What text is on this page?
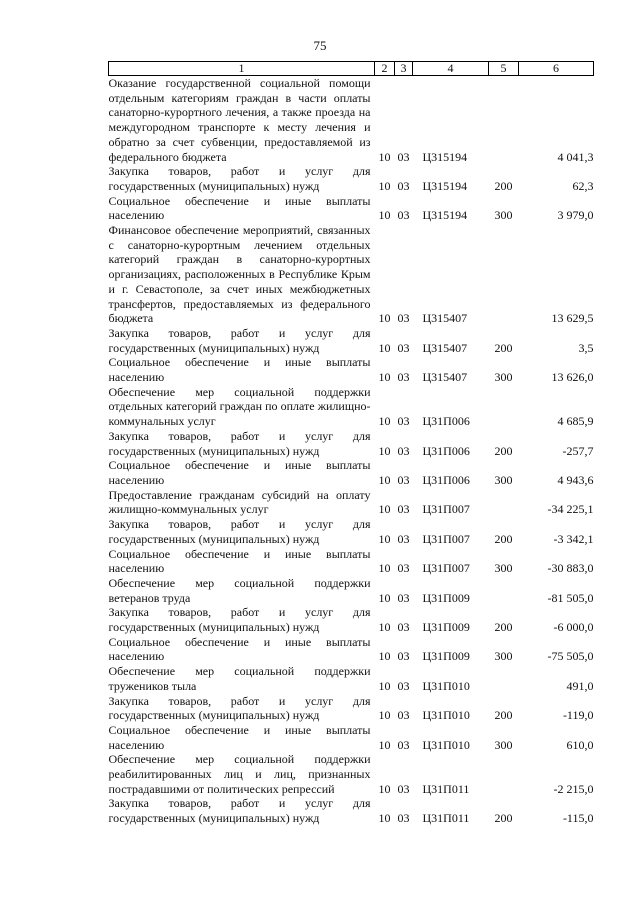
75
1	2	3	4	5	6
Оказание государственной социальной помощи отдельным категориям граждан в части оплаты санаторно-курортного лечения, а также проезда на междугородном транспорте к месту лечения и обратно за счет субвенции, предоставляемой из федерального бюджета	10	03	Ц315194		4 041,3
Закупка товаров, работ и услуг для государственных (муниципальных) нужд	10	03	Ц315194	200	62,3
Социальное обеспечение и иные выплаты населению	10	03	Ц315194	300	3 979,0
Финансовое обеспечение мероприятий, связанных с санаторно-курортным лечением отдельных категорий граждан в санаторно-курортных организациях, расположенных в Республике Крым и г. Севастополе, за счет иных межбюджетных трансфертов, предоставляемых из федерального бюджета	10	03	Ц315407		13 629,5
Закупка товаров, работ и услуг для государственных (муниципальных) нужд	10	03	Ц315407	200	3,5
Социальное обеспечение и иные выплаты населению	10	03	Ц315407	300	13 626,0
Обеспечение мер социальной поддержки отдельных категорий граждан по оплате жилищно-коммунальных услуг	10	03	Ц31П006		4 685,9
Закупка товаров, работ и услуг для государственных (муниципальных) нужд	10	03	Ц31П006	200	-257,7
Социальное обеспечение и иные выплаты населению	10	03	Ц31П006	300	4 943,6
Предоставление гражданам субсидий на оплату жилищно-коммунальных услуг	10	03	Ц31П007		-34 225,1
Закупка товаров, работ и услуг для государственных (муниципальных) нужд	10	03	Ц31П007	200	-3 342,1
Социальное обеспечение и иные выплаты населению	10	03	Ц31П007	300	-30 883,0
Обеспечение мер социальной поддержки ветеранов труда	10	03	Ц31П009		-81 505,0
Закупка товаров, работ и услуг для государственных (муниципальных) нужд	10	03	Ц31П009	200	-6 000,0
Социальное обеспечение и иные выплаты населению	10	03	Ц31П009	300	-75 505,0
Обеспечение мер социальной поддержки тружеников тыла	10	03	Ц31П010		491,0
Закупка товаров, работ и услуг для государственных (муниципальных) нужд	10	03	Ц31П010	200	-119,0
Социальное обеспечение и иные выплаты населению	10	03	Ц31П010	300	610,0
Обеспечение мер социальной поддержки реабилитированных лиц и лиц, признанных пострадавшими от политических репрессий	10	03	Ц31П011		-2 215,0
Закупка товаров, работ и услуг для государственных (муниципальных) нужд	10	03	Ц31П011	200	-115,0
